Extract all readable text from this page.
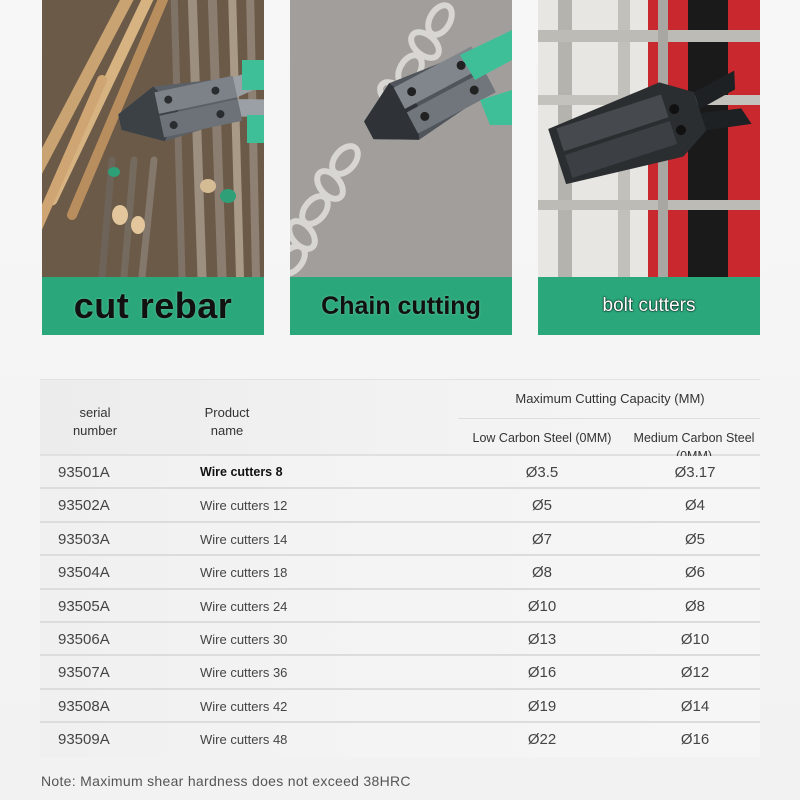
cut rebar	Chain cutting	bolt cutters
serial
number
Product
name
Maximum Cutting Capacity (MM)
Low Carbon Steel (0MM)	Medium Carbon Steel
93501A	Wire cutters 8	Ø3.5	Ø3.17
93502A	Wire cutters 12	Ø5	Ø4
93503A	Wire cutters 14	Ø7	Ø5
93504A	Wire cutters 18	Ø8	Ø6
93505A	Wire cutters 24	Ø10	Ø8
93506A	Wire cutters 30	Ø13	Ø10
93507A	Wire cutters 36	Ø16	Ø12
93508A	Wire cutters 42	Ø19	Ø14
93509A	Wire cutters 48	Ø22	Ø16
Note: Maximum shear hardness does not exceed 38HRC
